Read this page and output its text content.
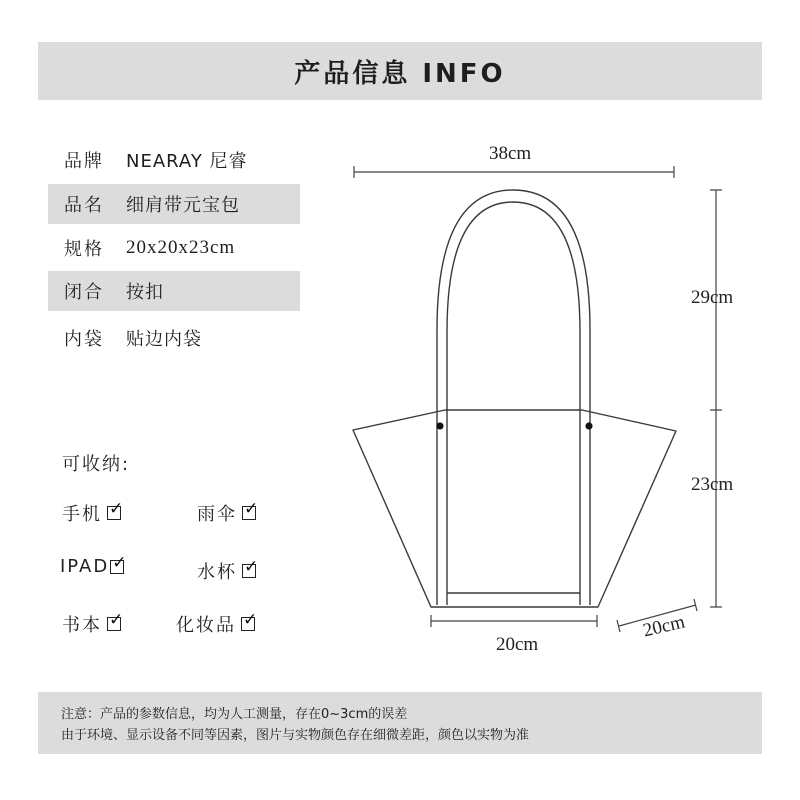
产品信息 INFO
品牌	NEARAY 尼睿
品名	细肩带元宝包
规格	20x20x23cm
闭合	按扣
内袋	贴边内袋
可收纳:
手机 ✓	雨伞 ✓
IPAD ✓	水杯 ✓
书本 ✓	化妆品 ✓
38cm
29cm
23cm
20cm
20cm
注意：产品的参数信息，均为人工测量，存在0~3cm的误差
由于环境、显示设备不同等因素，图片与实物颜色存在细微差距，颜色以实物为准
